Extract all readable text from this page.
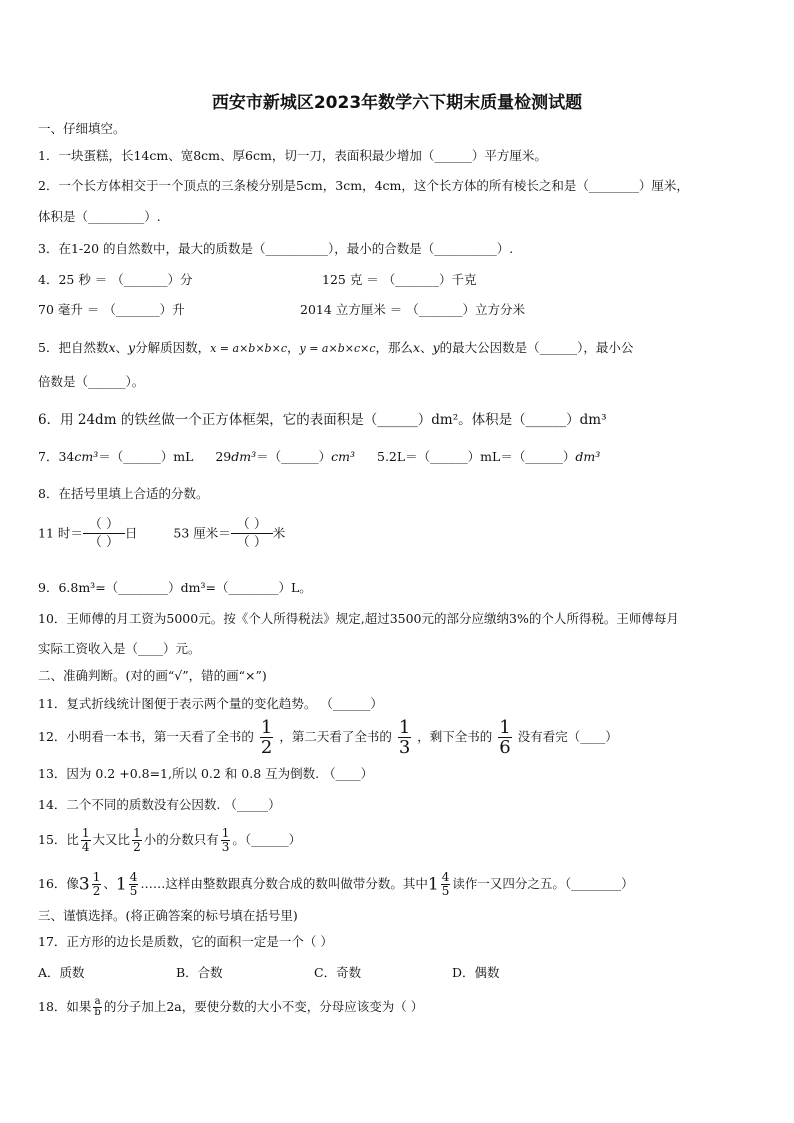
西安市新城区2023年数学六下期末质量检测试题
一、仔细填空。
1．一块蛋糕，长14cm、宽8cm、厚6cm，切一刀，表面积最少增加（______）平方厘米。
2．一个长方体相交于一个顶点的三条棱分别是5cm，3cm，4cm，这个长方体的所有棱长之和是（________）厘米，
体积是（_________）.
3．在1-20 的自然数中，最大的质数是（__________），最小的合数是（__________）.
4．25 秒 ＝ （_______）分	125 克 ＝ （_______）千克
70 毫升 ＝ （_______）升	2014 立方厘米 ＝ （_______）立方分米
5．把自然数x、y分解质因数，x = a×b×b×c，y = a×b×c×c，那么x、y的最大公因数是（______），最小公
倍数是（______）。
6．用 24dm 的铁丝做一个正方体框架，它的表面积是（______）dm²。体积是（______）dm³
7．34cm³＝（______）mL 29dm³＝（______）cm³ 5.2L＝（______）mL＝（______）dm³
8．在括号里填上合适的分数。
11 时＝ $\frac{( )}{( )}$ 日	53 厘米＝ $\frac{( )}{( )}$ 米
9．6.8m³=（________）dm³=（________）L。
10．王师傅的月工资为5000元。按《个人所得税法》规定,超过3500元的部分应缴纳3%的个人所得税。王师傅每月
实际工资收入是（____）元。
二、准确判断。(对的画“√”，错的画“×”)
11．复式折线统计图便于表示两个量的变化趋势。 （______）
12．小明看一本书，第一天看了全书的 $\frac{1}{2}$ ，第二天看了全书的 $\frac{1}{3}$ ，剩下全书的 $\frac{1}{6}$ 没有看完（____）
13．因为 0.2 +0.8=1,所以 0.2 和 0.8 互为倒数. （____）
14．二个不同的质数没有公因数. （_____）
15．比 $\frac{1}{4}$ 大又比 $\frac{1}{2}$ 小的分数只有 $\frac{1}{3}$ 。（______）
16．像$3 \frac{1}{2}$ 、$1 \frac{4}{5}$ ……这样由整数跟真分数合成的数叫做带分数。其中$1 \frac{4}{5}$ 读作一又四分之五。（________）
三、谨慎选择。(将正确答案的标号填在括号里)
17．正方形的边长是质数，它的面积一定是一个（ ）
A．质数	B．合数	C．奇数	D．偶数
18．如果 $\frac{a}{b}$ 的分子加上2a，要使分数的大小不变，分母应该变为（ ）
